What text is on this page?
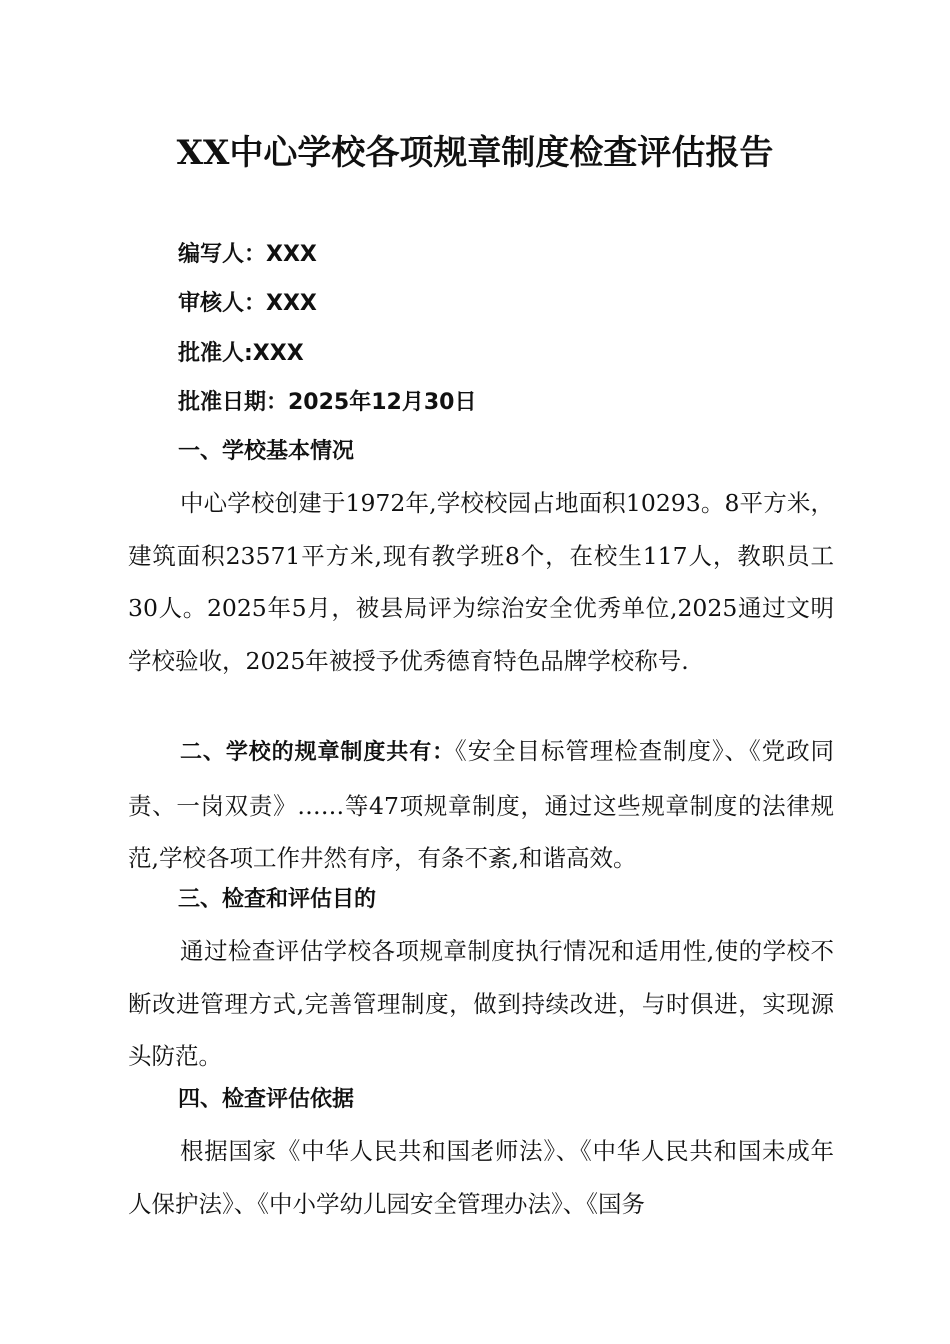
XX中心学校各项规章制度检查评估报告
编写人：XXX
审核人：XXX
批准人:XXX
批准日期：2025年12月30日
一、学校基本情况
中心学校创建于1972年,学校校园占地面积10293。8平方米，建筑面积23571平方米,现有教学班8个，在校生117人，教职员工30人。2025年5月，被县局评为综治安全优秀单位,2025通过文明学校验收，2025年被授予优秀德育特色品牌学校称号.
二、学校的规章制度共有：《安全目标管理检查制度》、《党政同责、一岗双责》……等47项规章制度，通过这些规章制度的法律规范,学校各项工作井然有序，有条不紊,和谐高效。
三、检查和评估目的
通过检查评估学校各项规章制度执行情况和适用性,使的学校不断改进管理方式,完善管理制度，做到持续改进，与时俱进，实现源头防范。
四、检查评估依据
根据国家《中华人民共和国老师法》、《中华人民共和国未成年人保护法》、《中小学幼儿园安全管理办法》、《国务
